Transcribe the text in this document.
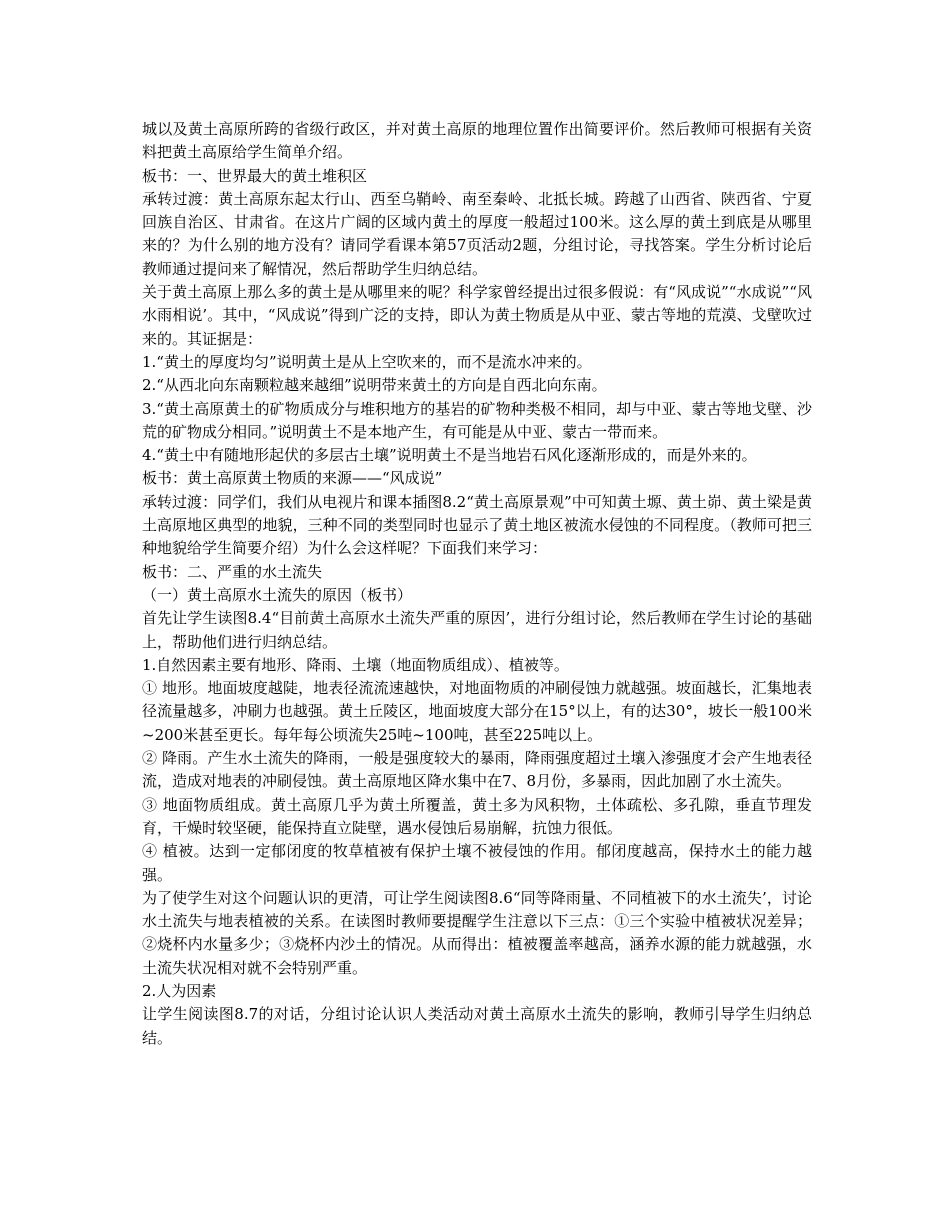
城以及黄土高原所跨的省级行政区，并对黄土高原的地理位置作出简要评价。然后教师可根据有关资料把黄土高原给学生简单介绍。

板书：一、世界最大的黄土堆积区

承转过渡：黄土高原东起太行山、西至乌鞘岭、南至秦岭、北抵长城。跨越了山西省、陕西省、宁夏回族自治区、甘肃省。在这片广阔的区域内黄土的厚度一般超过100米。这么厚的黄土到底是从哪里来的？为什么别的地方没有？请同学看课本第57页活动2题，分组讨论，寻找答案。学生分析讨论后教师通过提问来了解情况，然后帮助学生归纳总结。

关于黄土高原上那么多的黄土是从哪里来的呢？科学家曾经提出过很多假说：有“风成说”“水成说”“风水雨相说’。其中，“风成说”得到广泛的支持，即认为黄土物质是从中亚、蒙古等地的荒漠、戈壁吹过来的。其证据是：

1.“黄土的厚度均匀”说明黄土是从上空吹来的，而不是流水冲来的。

2.“从西北向东南颗粒越来越细”说明带来黄土的方向是自西北向东南。

3.“黄土高原黄土的矿物质成分与堆积地方的基岩的矿物种类极不相同，却与中亚、蒙古等地戈壁、沙荒的矿物成分相同。”说明黄土不是本地产生，有可能是从中亚、蒙古一带而来。

4.“黄土中有随地形起伏的多层古土壤”说明黄土不是当地岩石风化逐渐形成的，而是外来的。

板书：黄土高原黄土物质的来源——“风成说”

承转过渡：同学们，我们从电视片和课本插图8.2“黄土高原景观”中可知黄土塬、黄土峁、黄土梁是黄土高原地区典型的地貌，三种不同的类型同时也显示了黄土地区被流水侵蚀的不同程度。（教师可把三种地貌给学生简要介绍）为什么会这样呢？下面我们来学习：

板书：二、严重的水土流失

（一）黄土高原水土流失的原因（板书）

首先让学生读图8.4“目前黄土高原水土流失严重的原因’，进行分组讨论，然后教师在学生讨论的基础上，帮助他们进行归纳总结。

1.自然因素主要有地形、降雨、土壤（地面物质组成）、植被等。

① 地形。地面坡度越陡，地表径流流速越快，对地面物质的冲刷侵蚀力就越强。坡面越长，汇集地表径流量越多，冲刷力也越强。黄土丘陵区，地面坡度大部分在15°以上，有的达30°，坡长一般100米~200米甚至更长。每年每公顷流失25吨~100吨，甚至225吨以上。

② 降雨。产生水土流失的降雨，一般是强度较大的暴雨，降雨强度超过土壤入渗强度才会产生地表径流，造成对地表的冲刷侵蚀。黄土高原地区降水集中在7、8月份，多暴雨，因此加剧了水土流失。

③ 地面物质组成。黄土高原几乎为黄土所覆盖，黄土多为风积物，土体疏松、多孔隙，垂直节理发育，干燥时较坚硬，能保持直立陡壁，遇水侵蚀后易崩解，抗蚀力很低。

④ 植被。达到一定郁闭度的牧草植被有保护土壤不被侵蚀的作用。郁闭度越高，保持水土的能力越强。

为了使学生对这个问题认识的更清，可让学生阅读图8.6“同等降雨量、不同植被下的水土流失’，讨论水土流失与地表植被的关系。在读图时教师要提醒学生注意以下三点：①三个实验中植被状况差异；②烧杯内水量多少；③烧杯内沙土的情况。从而得出：植被覆盖率越高，涵养水源的能力就越强，水土流失状况相对就不会特别严重。

2.人为因素

让学生阅读图8.7的对话，分组讨论认识人类活动对黄土高原水土流失的影响，教师引导学生归纳总结。
